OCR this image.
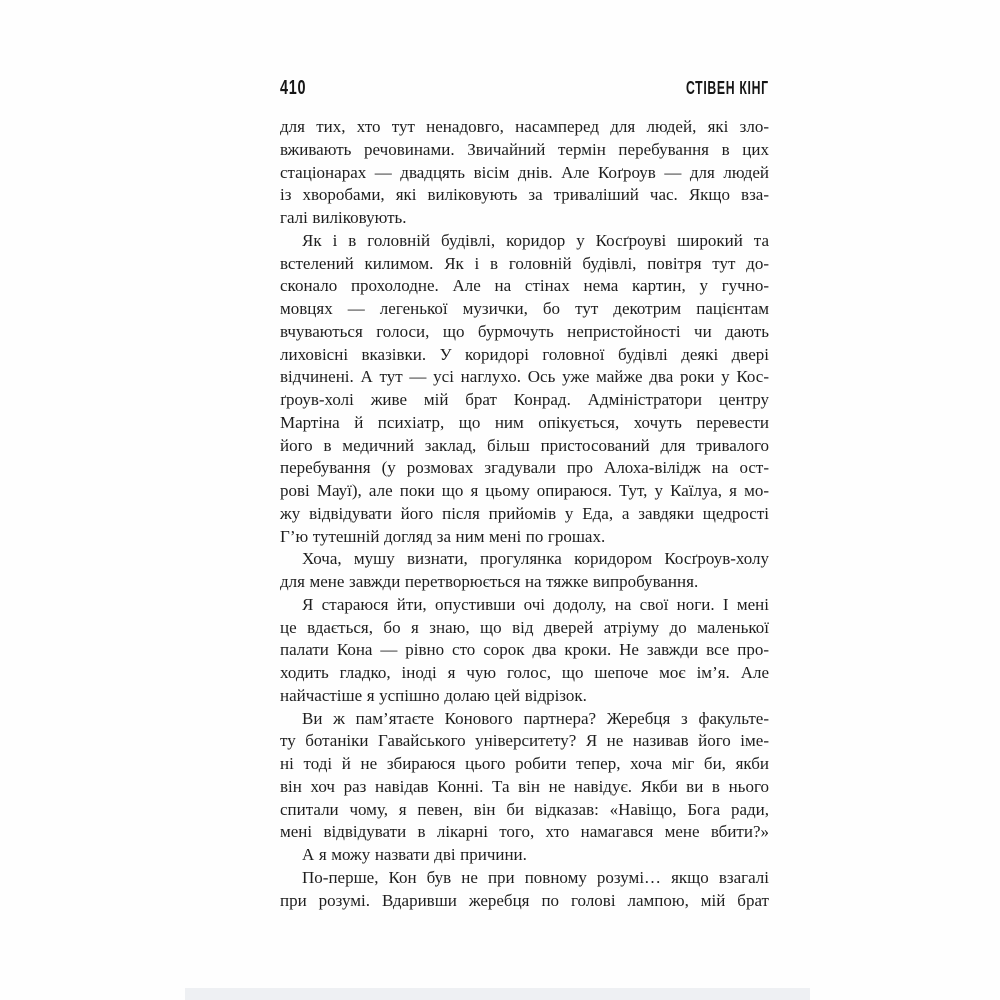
410	СТІВЕН КІНГ
для тих, хто тут ненадовго, насамперед для людей, які зло-
вживають речовинами. Звичайний термін перебування в цих
стаціонарах — двадцять вісім днів. Але Коґроув — для людей
із хворобами, які виліковують за триваліший час. Якщо вза-
галі виліковують.
Як і в головній будівлі, коридор у Косґроуві широкий та
встелений килимом. Як і в головній будівлі, повітря тут до-
сконало прохолодне. Але на стінах нема картин, у гучно-
мовцях — легенької музички, бо тут декотрим пацієнтам
вчуваються голоси, що бурмочуть непристойності чи дають
лиховісні вказівки. У коридорі головної будівлі деякі двері
відчинені. А тут — усі наглухо. Ось уже майже два роки у Кос-
ґроув-холі живе мій брат Конрад. Адміністратори центру
Мартіна й психіатр, що ним опікується, хочуть перевести
його в медичний заклад, більш пристосований для тривалого
перебування (у розмовах згадували про Алоха-вілідж на ост-
рові Мауї), але поки що я цьому опираюся. Тут, у Каїлуа, я мо-
жу відвідувати його після прийомів у Еда, а завдяки щедрості
Г’ю тутешній догляд за ним мені по грошах.
Хоча, мушу визнати, прогулянка коридором Косґроув-холу
для мене завжди перетворюється на тяжке випробування.
Я стараюся йти, опустивши очі додолу, на свої ноги. І мені
це вдається, бо я знаю, що від дверей атріуму до маленької
палати Кона — рівно сто сорок два кроки. Не завжди все про-
ходить гладко, іноді я чую голос, що шепоче моє ім’я. Але
найчастіше я успішно долаю цей відрізок.
Ви ж пам’ятаєте Конового партнера? Жеребця з факульте-
ту ботаніки Гавайського університету? Я не називав його іме-
ні тоді й не збираюся цього робити тепер, хоча міг би, якби
він хоч раз навідав Конні. Та він не навідує. Якби ви в нього
спитали чому, я певен, він би відказав: «Навіщо, Бога ради,
мені відвідувати в лікарні того, хто намагався мене вбити?»
А я можу назвати дві причини.
По-перше, Кон був не при повному розумі… якщо взагалі
при розумі. Вдаривши жеребця по голові лампою, мій брат
